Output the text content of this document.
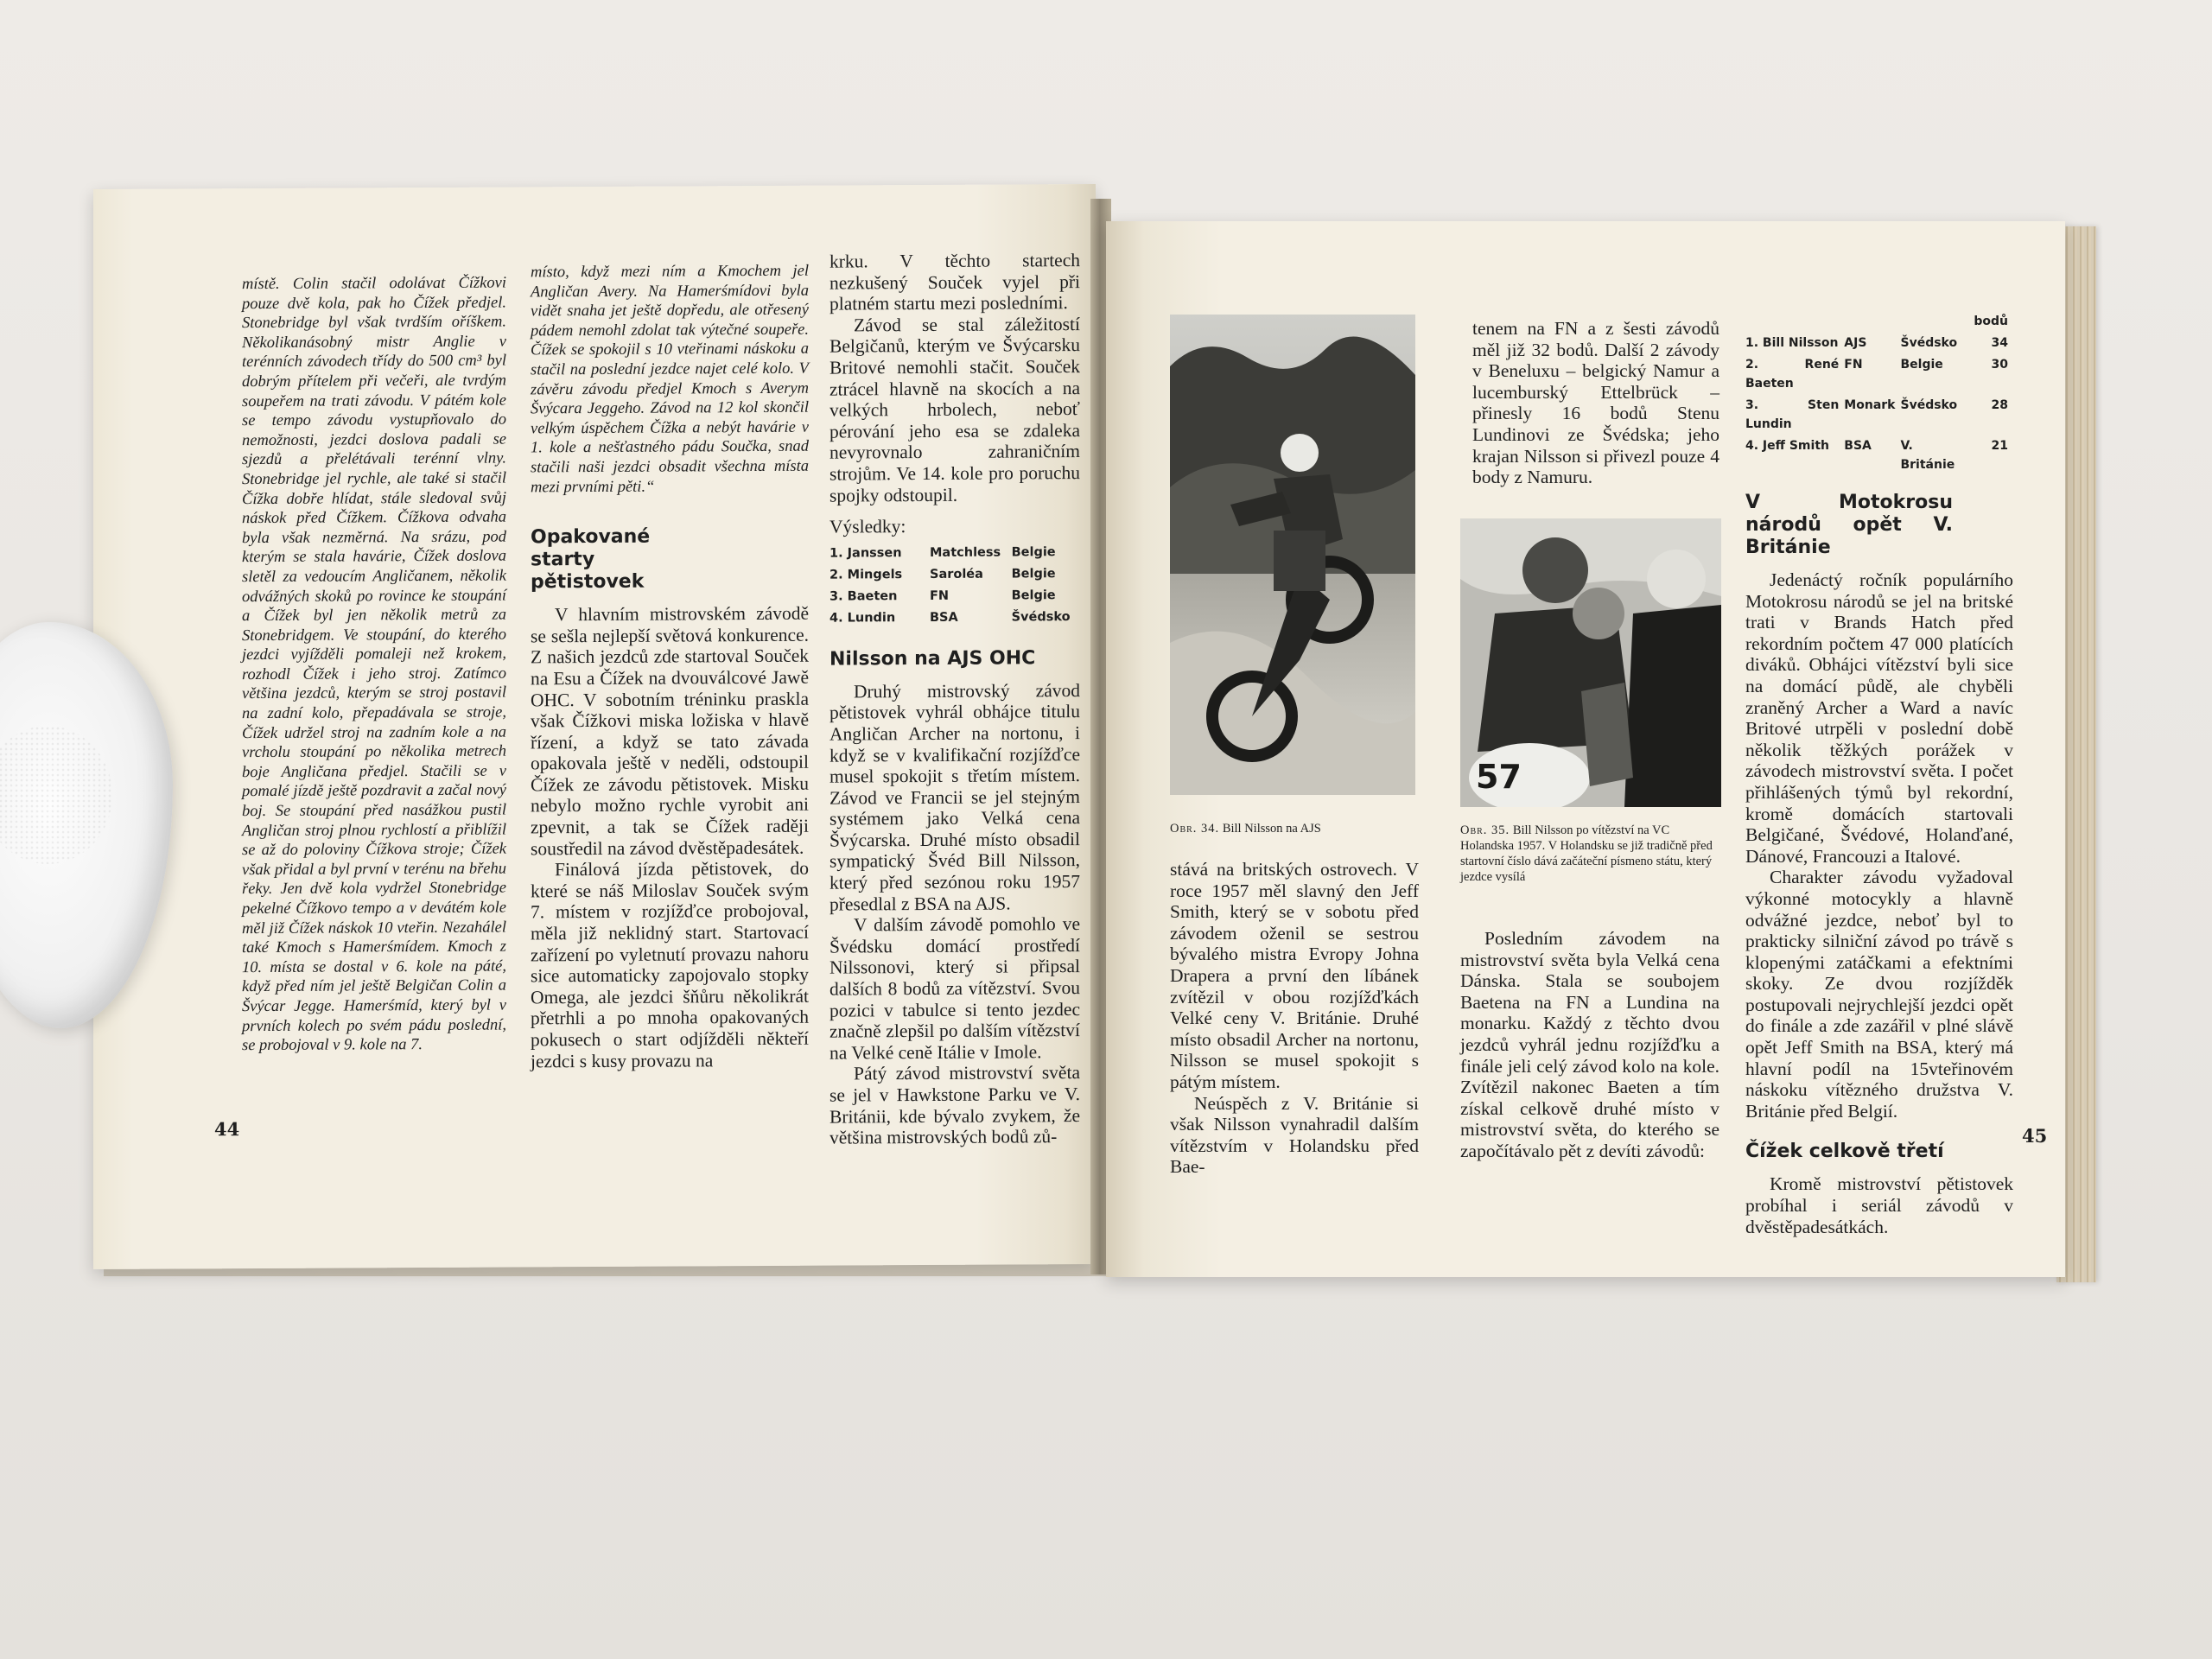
místě. Colin stačil odolávat Čížkovi pouze dvě kola, pak ho Čížek předjel. Stonebridge byl však tvrdším oříškem. Několikanásobný mistr Anglie v terénních závodech třídy do 500 cm³ byl dobrým přítelem při večeři, ale tvrdým soupeřem na trati závodu. V pátém kole se tempo závodu vystupňovalo do nemožnosti, jezdci doslova padali se sjezdů a přelétávali terénní vlny. Stonebridge jel rychle, ale také si stačil Čížka dobře hlídat, stále sledoval svůj náskok před Čížkem. Čížkova odvaha byla však nezměrná. Na srázu, pod kterým se stala havárie, Čížek doslova sletěl za vedoucím Angličanem, několik odvážných skoků po rovince ke stoupání a Čížek byl jen několik metrů za Stonebridgem. Ve stoupání, do kterého jezdci vyjížděli pomaleji než krokem, rozhodl Čížek i jeho stroj. Zatímco většina jezdců, kterým se stroj postavil na zadní kolo, přepadávala se stroje, Čížek udržel stroj na zadním kole a na vrcholu stoupání po několika metrech boje Angličana předjel. Stačili se v pomalé jízdě ještě pozdravit a začal nový boj. Se stoupání před nasážkou pustil Angličan stroj plnou rychlostí a přiblížil se až do poloviny Čížkova stroje; Čížek však přidal a byl první v terénu na břehu řeky. Jen dvě kola vydržel Stonebridge pekelné Čížkovo tempo a v devátém kole měl již Čížek náskok 10 vteřin. Nezahálel také Kmoch s Hamerśmídem. Kmoch z 10. místa se dostal v 6. kole na páté, když před ním jel ještě Belgičan Colin a Švýcar Jegge. Hamerśmíd, který byl v prvních kolech po svém pádu poslední, se probojoval v 9. kole na 7.

místo, když mezi ním a Kmochem jel Angličan Avery. Na Hamerśmídovi byla vidět snaha jet ještě dopředu, ale otřesený pádem nemohl zdolat tak výtečné soupeře. Čížek se spokojil s 10 vteřinami náskoku a stačil na poslední jezdce najet celé kolo. V závěru závodu předjel Kmoch s Averym Švýcara Jeggeho. Závod na 12 kol skončil velkým úspěchem Čížka a nebýt havárie v 1. kole a nešťastného pádu Součka, snad stačili naši jezdci obsadit všechna místa mezi prvními pěti.“

Opakované starty pětistovek

V hlavním mistrovském závodě se sešla nejlepší světová konkurence. Z našich jezdců zde startoval Souček na Esu a Čížek na dvouválcové Jawě OHC. V sobotním tréninku praskla však Čížkovi miska ložiska v hlavě řízení, a když se tato závada opakovala ještě v neděli, odstoupil Čížek ze závodu pětistovek. Misku nebylo možno rychle vyrobit ani zpevnit, a tak se Čížek raději soustředil na závod dvěstěpadesátek.

Finálová jízda pětistovek, do které se náš Miloslav Souček svým 7. místem v rozjížďce probojoval, měla již neklidný start. Startovací zařízení po vyletnutí provazu nahoru sice automaticky zapojovalo stopky Omega, ale jezdci šňůru několikrát přetrhli a po mnoha opakovaných pokusech o start odjížděli někteří jezdci s kusy provazu na

krku. V těchto startech nezkušený Souček vyjel při platném startu mezi posledními.

Závod se stal záležitostí Belgičanů, kterým ve Švýcarsku Britové nemohli stačit. Souček ztrácel hlavně na skocích a na velkých hrbolech, neboť pérování jeho esa se zdaleka nevyrovnalo zahraničním strojům. Ve 14. kole pro poruchu spojky odstoupil.

Výsledky:

1. Janssen	Matchless	Belgie
2. Mingels	Saroléa	Belgie
3. Baeten	FN	Belgie
4. Lundin	BSA	Švédsko
Nilsson na AJS OHC

Druhý mistrovský závod pětistovek vyhrál obhájce titulu Angličan Archer na nortonu, i když se v kvalifikační rozjížďce musel spokojit s třetím místem. Závod ve Francii se jel stejným systémem jako Velká cena Švýcarska. Druhé místo obsadil sympatický Švéd Bill Nilsson, který před sezónou roku 1957 přesedlal z BSA na AJS.

V dalším závodě pomohlo ve Švédsku domácí prostředí Nilssonovi, který si připsal dalších 8 bodů za vítězství. Svou pozici v tabulce si tento jezdec značně zlepšil po dalším vítězství na Velké ceně Itálie v Imole.

Pátý závod mistrovství světa se jel v Hawkstone Parku ve V. Británii, kde bývalo zvykem, že většina mistrovských bodů zů-

44
Obr. 34. Bill Nilsson na AJS

stává na britských ostrovech. V roce 1957 měl slavný den Jeff Smith, který se v sobotu před závodem oženil se sestrou bývalého mistra Evropy Johna Drapera a první den líbánek zvítězil v obou rozjížďkách Velké ceny V. Británie. Druhé místo obsadil Archer na nortonu, Nilsson se musel spokojit s pátým místem.

Neúspěch z V. Británie si však Nilsson vynahradil dalším vítězstvím v Holandsku před Bae-

tenem na FN a z šesti závodů měl již 32 bodů. Další 2 závody v Beneluxu – belgický Namur a lucemburský Ettelbrück – přinesly 16 bodů Stenu Lundinovi ze Švédska; jeho krajan Nilsson si přivezl pouze 4 body z Namuru.

57
Obr. 35. Bill Nilsson po vítězství na VC Holandska 1957. V Holandsku se již tradičně před startovní číslo dává začáteční písmeno státu, který jezdce vysílá

Posledním závodem na mistrovství světa byla Velká cena Dánska. Stala se soubojem Baetena na FN a Lundina na monarku. Každý z těchto dvou jezdců vyhrál jednu rozjížďku a finále jeli celý závod kolo na kole. Zvítězil nakonec Baeten a tím získal celkově druhé místo v mistrovství světa, do kterého se započítávalo pět z devíti závodů:

			bodů
1. Bill Nilsson	AJS	Švédsko	34
2. René Baeten	FN	Belgie	30
3. Sten Lundin	Monark	Švédsko	28
4. Jeff Smith	BSA	V. Británie	21
V Motokrosu národů opět V. Británie

Jedenáctý ročník populárního Motokrosu národů se jel na britské trati v Brands Hatch před rekordním počtem 47 000 platících diváků. Obhájci vítězství byli sice na domácí půdě, ale chyběli zraněný Archer a Ward a navíc Britové utrpěli v poslední době několik těžkých porážek v závodech mistrovství světa. I počet přihlášených týmů byl rekordní, kromě domácích startovali Belgičané, Švédové, Holanďané, Dánové, Francouzi a Italové.

Charakter závodu vyžadoval výkonné motocykly a hlavně odvážné jezdce, neboť byl to prakticky silniční závod po trávě s klopenými zatáčkami a efektními skoky. Ze dvou rozjížděk postupovali nejrychlejší jezdci opět do finále a zde zazářil v plné slávě opět Jeff Smith na BSA, který má hlavní podíl na 15vteřinovém náskoku vítězného družstva V. Británie před Belgií.

Čížek celkově třetí

Kromě mistrovství pětistovek probíhal i seriál závodů v dvěstěpadesátkách.

45
